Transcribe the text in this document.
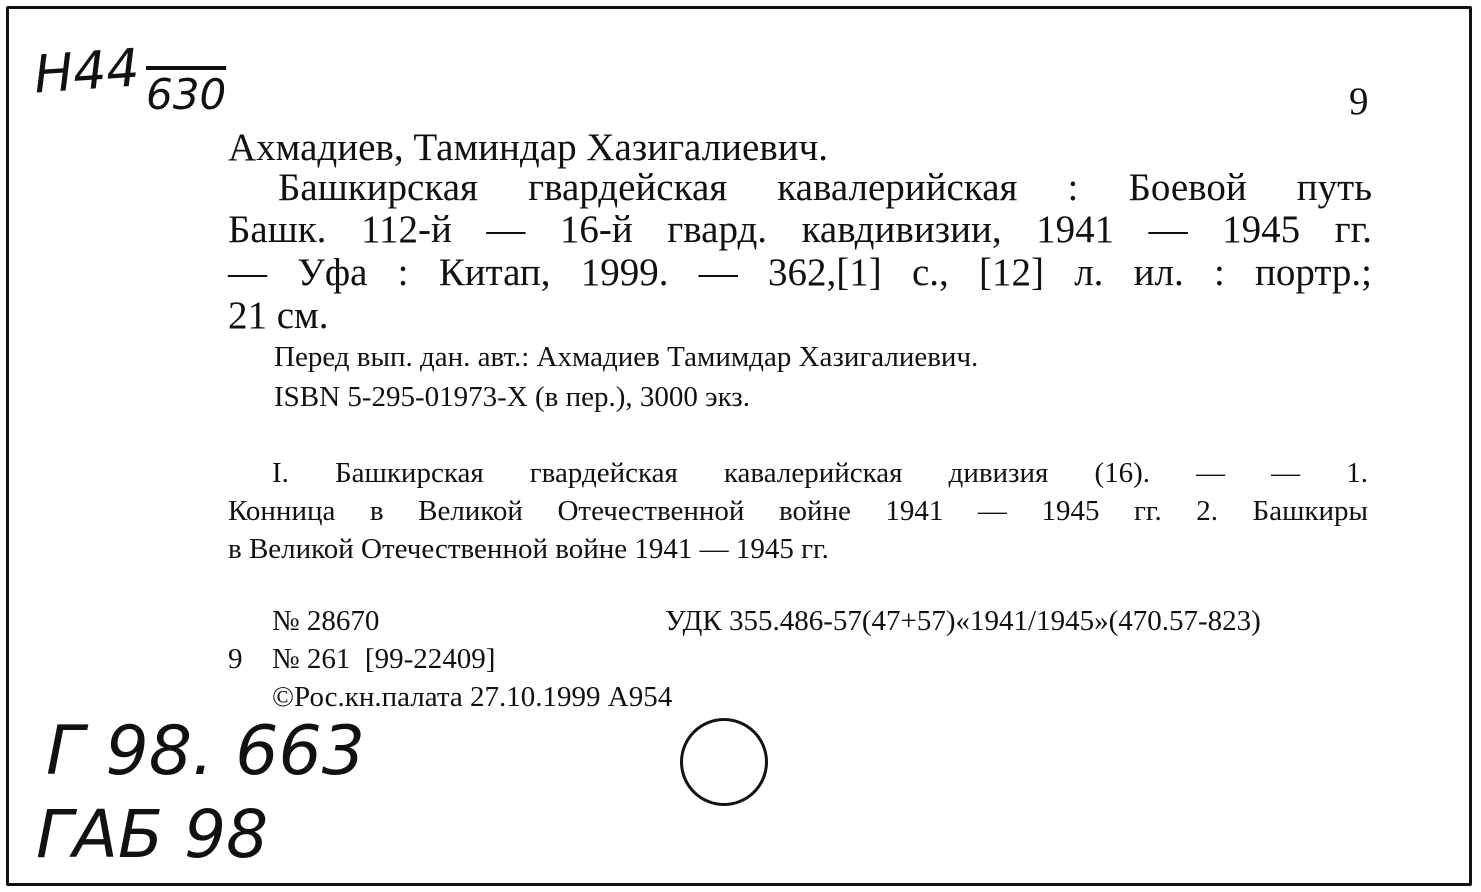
Н44 630	9
Ахмадиев, Таминдар Хазигалиевич.
Башкирская гвардейская кавалерийская : Боевой путь
Башк. 112-й — 16-й гвард. кавдивизии, 1941 — 1945 гг.
— Уфа : Китап, 1999. — 362,[1] с., [12] л. ил. : портр.;
21 см.
Перед вып. дан. авт.: Ахмадиев Тамимдар Хазигалиевич.
ISBN 5-295-01973-X (в пер.), 3000 экз.
I. Башкирская гвардейская кавалерийская дивизия (16). — — 1.
Конница в Великой Отечественной войне 1941 — 1945 гг. 2. Башкиры
в Великой Отечественной войне 1941 — 1945 гг.
№ 28670	УДК 355.486-57(47+57)«1941/1945»(470.57-823)
9 № 261  [99-22409]
©Рос.кн.палата 27.10.1999 А954
Г 98. 663
ГАБ 98
